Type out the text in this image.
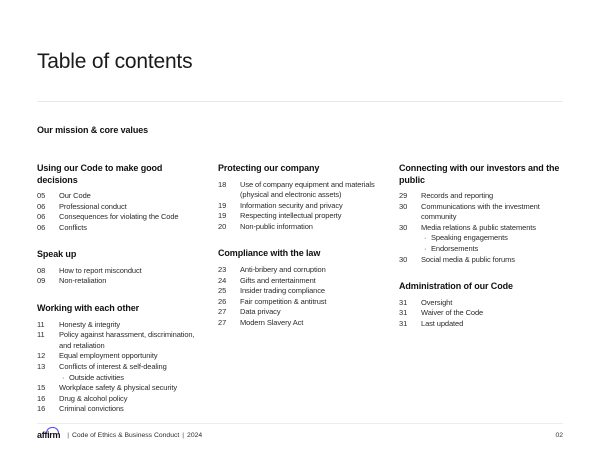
Table of contents
Our mission & core values
Using our Code to make good decisions
05	Our Code
06	Professional conduct
06	Consequences for violating the Code
06	Conflicts
Speak up
08	How to report misconduct
09	Non-retaliation
Working with each other
11	Honesty & integrity
11	Policy against harassment, discrimination, and retaliation
12	Equal employment opportunity
13	Conflicts of interest & self-dealing
· Outside activities
15	Workplace safety & physical security
16	Drug & alcohol policy
16	Criminal convictions
Protecting our company
18	Use of company equipment and materials (physical and electronic assets)
19	Information security and privacy
19	Respecting intellectual property
20	Non-public information
Compliance with the law
23	Anti-bribery and corruption
24	Gifts and entertainment
25	Insider trading compliance
26	Fair competition & antitrust
27	Data privacy
27	Modern Slavery Act
Connecting with our investors and the public
29	Records and reporting
30	Communications with the investment community
30	Media relations & public statements
· Speaking engagements
· Endorsements
30	Social media & public forums
Administration of our Code
31	Oversight
31	Waiver of the Code
31	Last updated
affirm | Code of Ethics & Business Conduct | 2024	02
